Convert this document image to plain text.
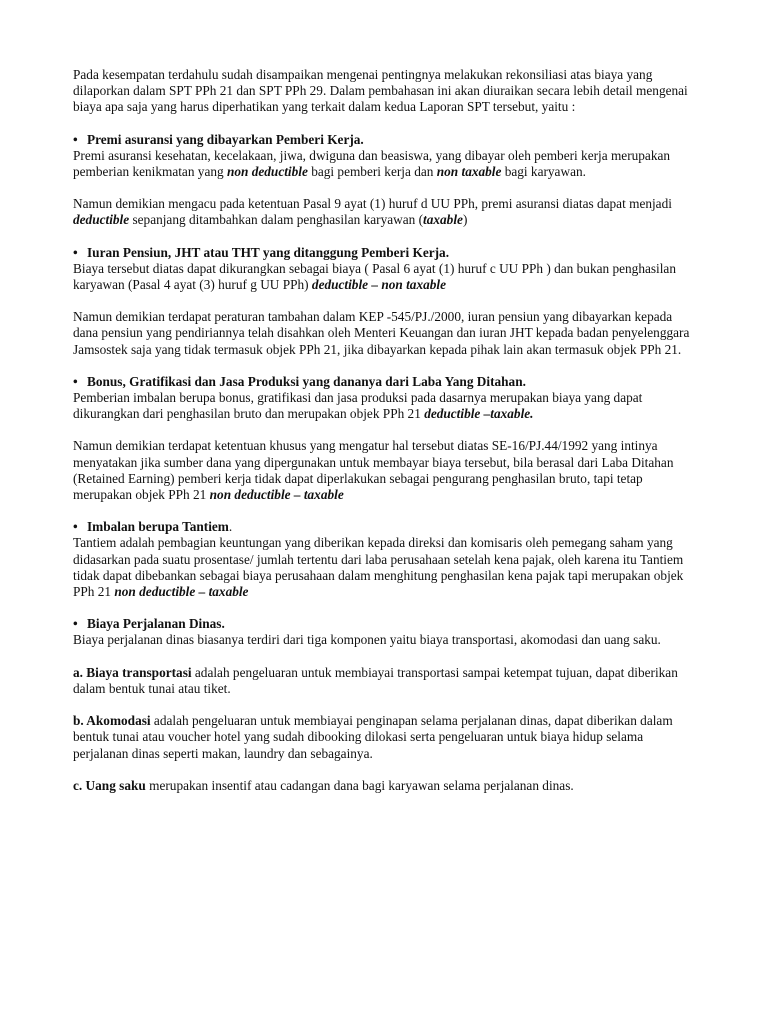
Pada kesempatan terdahulu sudah disampaikan mengenai pentingnya melakukan rekonsiliasi atas biaya yang dilaporkan dalam SPT PPh 21 dan SPT PPh 29. Dalam pembahasan ini akan diuraikan secara lebih detail mengenai biaya apa saja yang harus diperhatikan yang terkait dalam kedua Laporan SPT tersebut, yaitu :

• Premi asuransi yang dibayarkan Pemberi Kerja.

Premi asuransi kesehatan, kecelakaan, jiwa, dwiguna dan beasiswa, yang dibayar oleh pemberi kerja merupakan pemberian kenikmatan yang non deductible bagi pemberi kerja dan non taxable bagi karyawan.

Namun demikian mengacu pada ketentuan Pasal 9 ayat (1) huruf d UU PPh, premi asuransi diatas dapat menjadi deductible sepanjang ditambahkan dalam penghasilan karyawan (taxable)

• Iuran Pensiun, JHT atau THT yang ditanggung Pemberi Kerja.

Biaya tersebut diatas dapat dikurangkan sebagai biaya ( Pasal 6 ayat (1) huruf c UU PPh ) dan bukan penghasilan karyawan (Pasal 4 ayat (3) huruf g UU PPh) deductible – non taxable

Namun demikian terdapat peraturan tambahan dalam KEP -545/PJ./2000, iuran pensiun yang dibayarkan kepada dana pensiun yang pendiriannya telah disahkan oleh Menteri Keuangan dan iuran JHT kepada badan penyelenggara Jamsostek saja yang tidak termasuk objek PPh 21, jika dibayarkan kepada pihak lain akan termasuk objek PPh 21.

• Bonus, Gratifikasi dan Jasa Produksi yang dananya dari Laba Yang Ditahan.

Pemberian imbalan berupa bonus, gratifikasi dan jasa produksi pada dasarnya merupakan biaya yang dapat dikurangkan dari penghasilan bruto dan merupakan objek PPh 21 deductible –taxable.

Namun demikian terdapat ketentuan khusus yang mengatur hal tersebut diatas SE-16/PJ.44/1992 yang intinya menyatakan jika sumber dana yang dipergunakan untuk membayar biaya tersebut, bila berasal dari Laba Ditahan (Retained Earning) pemberi kerja tidak dapat diperlakukan sebagai pengurang penghasilan bruto, tapi tetap merupakan objek PPh 21 non deductible – taxable

• Imbalan berupa Tantiem.

Tantiem adalah pembagian keuntungan yang diberikan kepada direksi dan komisaris oleh pemegang saham yang didasarkan pada suatu prosentase/ jumlah tertentu dari laba perusahaan setelah kena pajak, oleh karena itu Tantiem tidak dapat dibebankan sebagai biaya perusahaan dalam menghitung penghasilan kena pajak tapi merupakan objek PPh 21 non deductible – taxable

• Biaya Perjalanan Dinas.

Biaya perjalanan dinas biasanya terdiri dari tiga komponen yaitu biaya transportasi, akomodasi dan uang saku.

a. Biaya transportasi adalah pengeluaran untuk membiayai transportasi sampai ketempat tujuan, dapat diberikan dalam bentuk tunai atau tiket.

b. Akomodasi adalah pengeluaran untuk membiayai penginapan selama perjalanan dinas, dapat diberikan dalam bentuk tunai atau voucher hotel yang sudah dibooking dilokasi serta pengeluaran untuk biaya hidup selama perjalanan dinas seperti makan, laundry dan sebagainya.

c. Uang saku merupakan insentif atau cadangan dana bagi karyawan selama perjalanan dinas.
